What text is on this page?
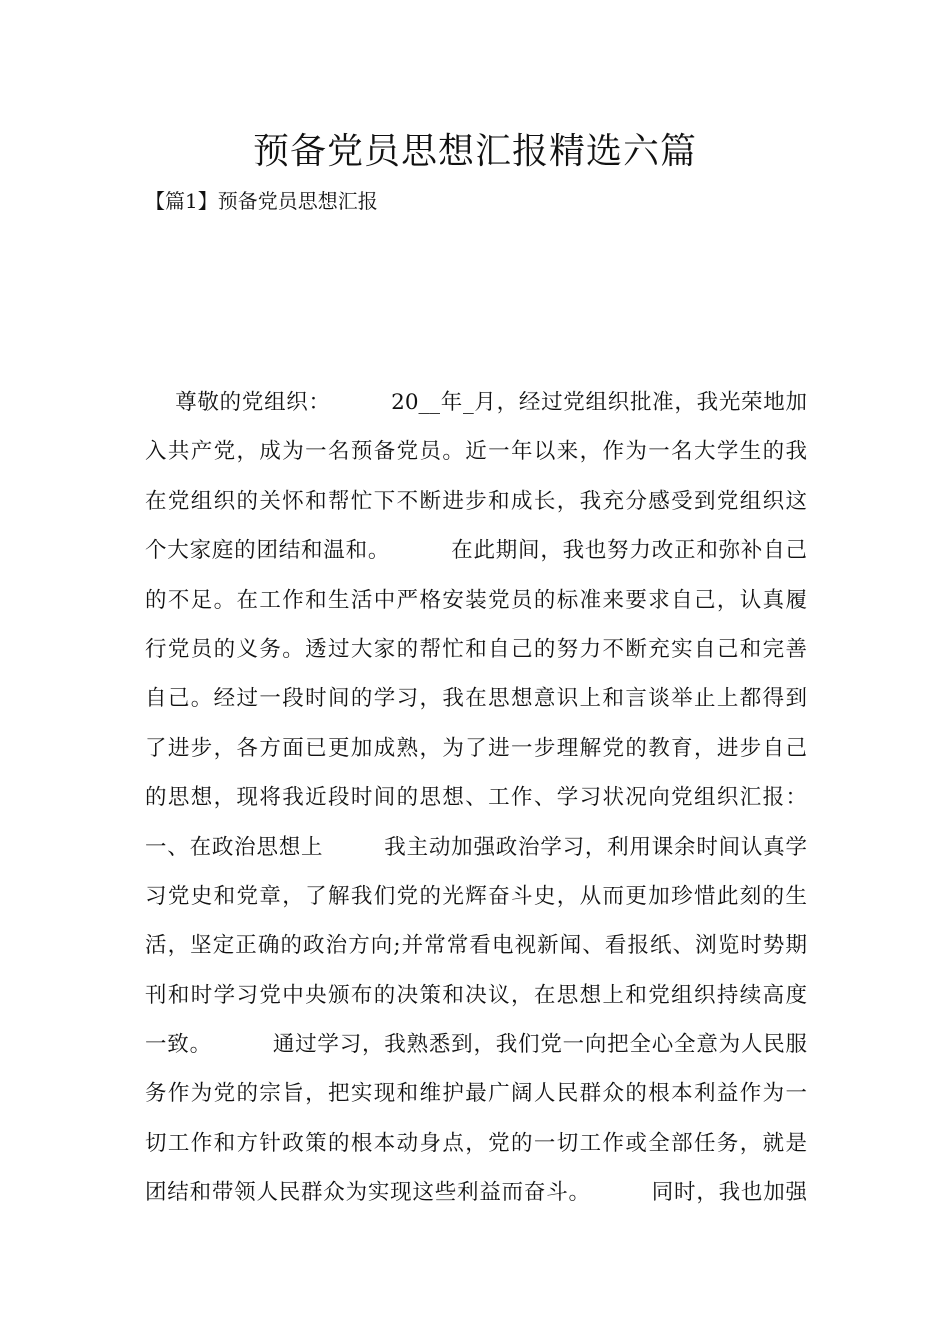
预备党员思想汇报精选六篇
【篇1】预备党员思想汇报
尊敬的党组织：        20__年_月，经过党组织批准，我光荣地加
入共产党，成为一名预备党员。近一年以来，作为一名大学生的我
在党组织的关怀和帮忙下不断进步和成长，我充分感受到党组织这
个大家庭的团结和温和。        在此期间，我也努力改正和弥补自己
的不足。在工作和生活中严格安装党员的标准来要求自己，认真履
行党员的义务。透过大家的帮忙和自己的努力不断充实自己和完善
自己。经过一段时间的学习，我在思想意识上和言谈举止上都得到
了进步，各方面已更加成熟，为了进一步理解党的教育，进步自己
的思想，现将我近段时间的思想、工作、学习状况向党组织汇报：
一、在政治思想上        我主动加强政治学习，利用课余时间认真学
习党史和党章，了解我们党的光辉奋斗史，从而更加珍惜此刻的生
活，坚定正确的政治方向;并常常看电视新闻、看报纸、浏览时势期
刊和时学习党中央颁布的决策和决议，在思想上和党组织持续高度
一致。        通过学习，我熟悉到，我们党一向把全心全意为人民服
务作为党的宗旨，把实现和维护最广阔人民群众的根本利益作为一
切工作和方针政策的根本动身点，党的一切工作或全部任务，就是
团结和带领人民群众为实现这些利益而奋斗。        同时，我也加强
